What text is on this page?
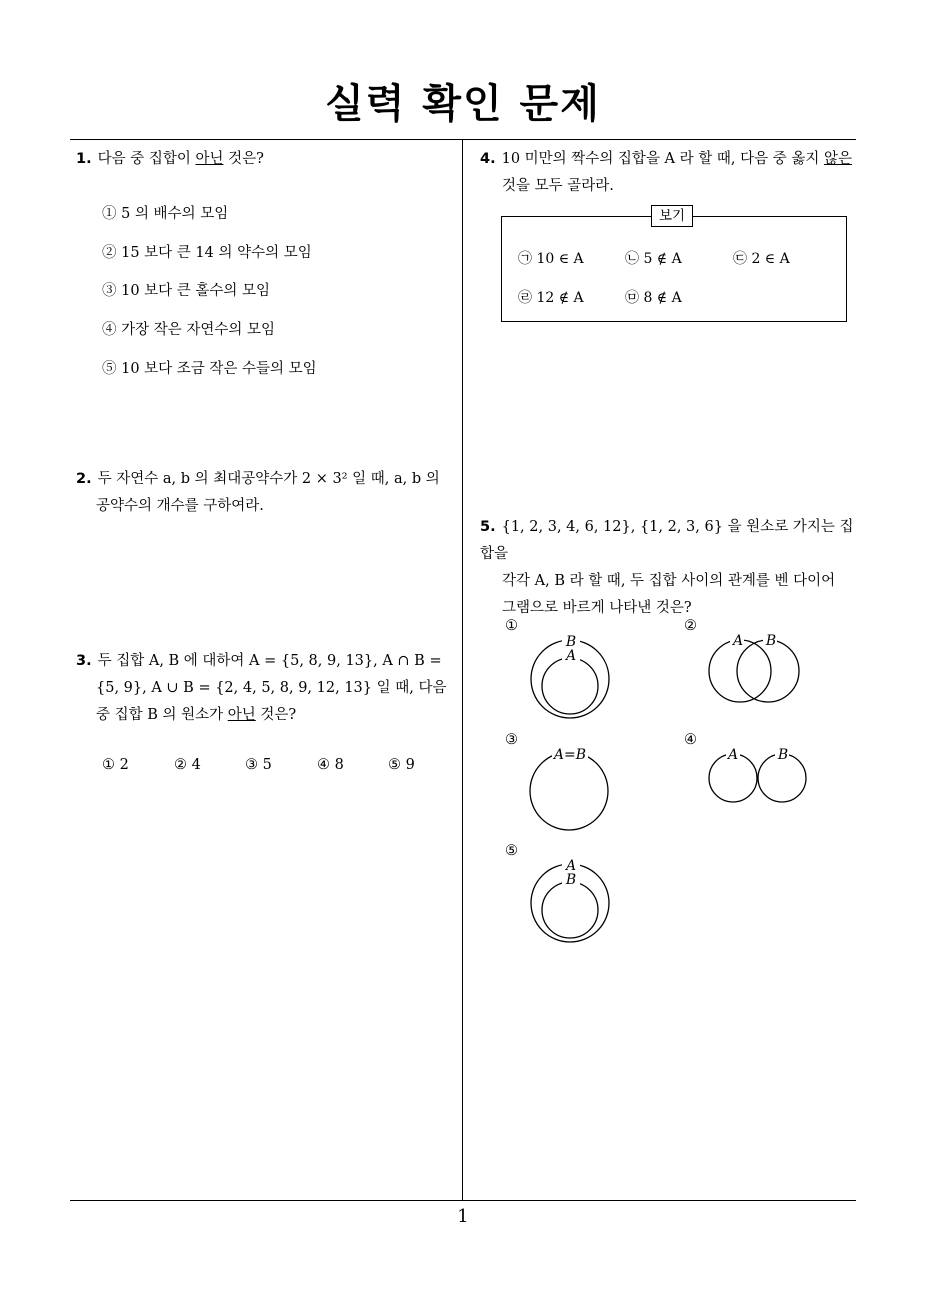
실력 확인 문제
1. 다음 중 집합이 아닌 것은?
① 5 의 배수의 모임
② 15 보다 큰 14 의 약수의 모임
③ 10 보다 큰 홀수의 모임
④ 가장 작은 자연수의 모임
⑤ 10 보다 조금 작은 수들의 모임
2. 두 자연수 a, b 의 최대공약수가 2 × 3² 일 때, a, b 의
공약수의 개수를 구하여라.
3. 두 집합 A, B 에 대하여 A = {5, 8, 9, 13}, A ∩ B =
{5, 9}, A ∪ B = {2, 4, 5, 8, 9, 12, 13} 일 때, 다음
중 집합 B 의 원소가 아닌 것은?
① 2	② 4	③ 5	④ 8	⑤ 9
4. 10 미만의 짝수의 집합을 A 라 할 때, 다음 중 옳지 않은
것을 모두 골라라.
보기
㉠ 10 ∈ A	㉡ 5 ∉ A	㉢ 2 ∈ A
㉣ 12 ∉ A	㉤ 8 ∉ A
5. {1, 2, 3, 4, 6, 12}, {1, 2, 3, 6} 을 원소로 가지는 집합을
각각 A, B 라 할 때, 두 집합 사이의 관계를 벤 다이어
그램으로 바르게 나타낸 것은?
①	②
③	④
⑤
B
A
A B
A=B	A	B
A
B
1
